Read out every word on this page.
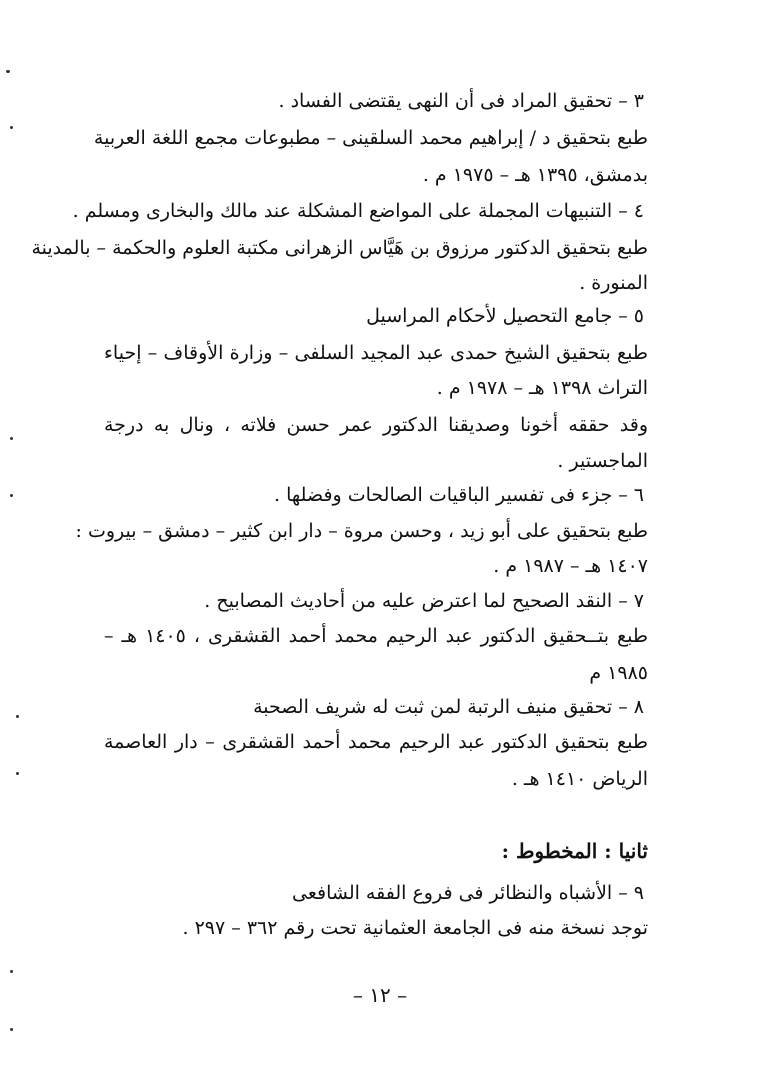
٣ – تحقيق المراد فى أن النهى يقتضى الفساد .
طبع بتحقيق د / إبراهيم محمد السلقينى – مطبوعات مجمع اللغة العربية
بدمشق، ١٣٩٥ هـ – ١٩٧٥ م .
٤ – التنبيهات المجملة على المواضع المشكلة عند مالك والبخارى ومسلم .
طبع بتحقيق الدكتور مرزوق بن هَيَّاس الزهرانى مكتبة العلوم والحكمة – بالمدينة
المنورة .
٥ – جامع التحصيل لأحكام المراسيل
طبع بتحقيق الشيخ حمدى عبد المجيد السلفى – وزارة الأوقاف – إحياء
التراث ١٣٩٨ هـ – ١٩٧٨ م .
وقد حققه أخونا وصديقنا الدكتور عمر حسن فلاته ، ونال به درجة
الماجستير .
٦ – جزء فى تفسير الباقيات الصالحات وفضلها .
طبع بتحقيق على أبو زيد ، وحسن مروة – دار ابن كثير – دمشق – بيروت :
١٤٠٧ هـ – ١٩٨٧ م .
٧ – النقد الصحيح لما اعترض عليه من أحاديث المصابيح .
طبع بتــحقيق الدكتور عبد الرحيم محمد أحمد القشقرى ، ١٤٠٥ هـ –
١٩٨٥ م
٨ – تحقيق منيف الرتبة لمن ثبت له شريف الصحبة
طبع بتحقيق الدكتور عبد الرحيم محمد أحمد القشقرى – دار العاصمة
الرياض ١٤١٠ هـ .
ثانيا : المخطوط :
٩ – الأشباه والنظائر فى فروع الفقه الشافعى
توجد نسخة منه فى الجامعة العثمانية تحت رقم ٣٦٢ – ٢٩٧ .
– ١٢ –
